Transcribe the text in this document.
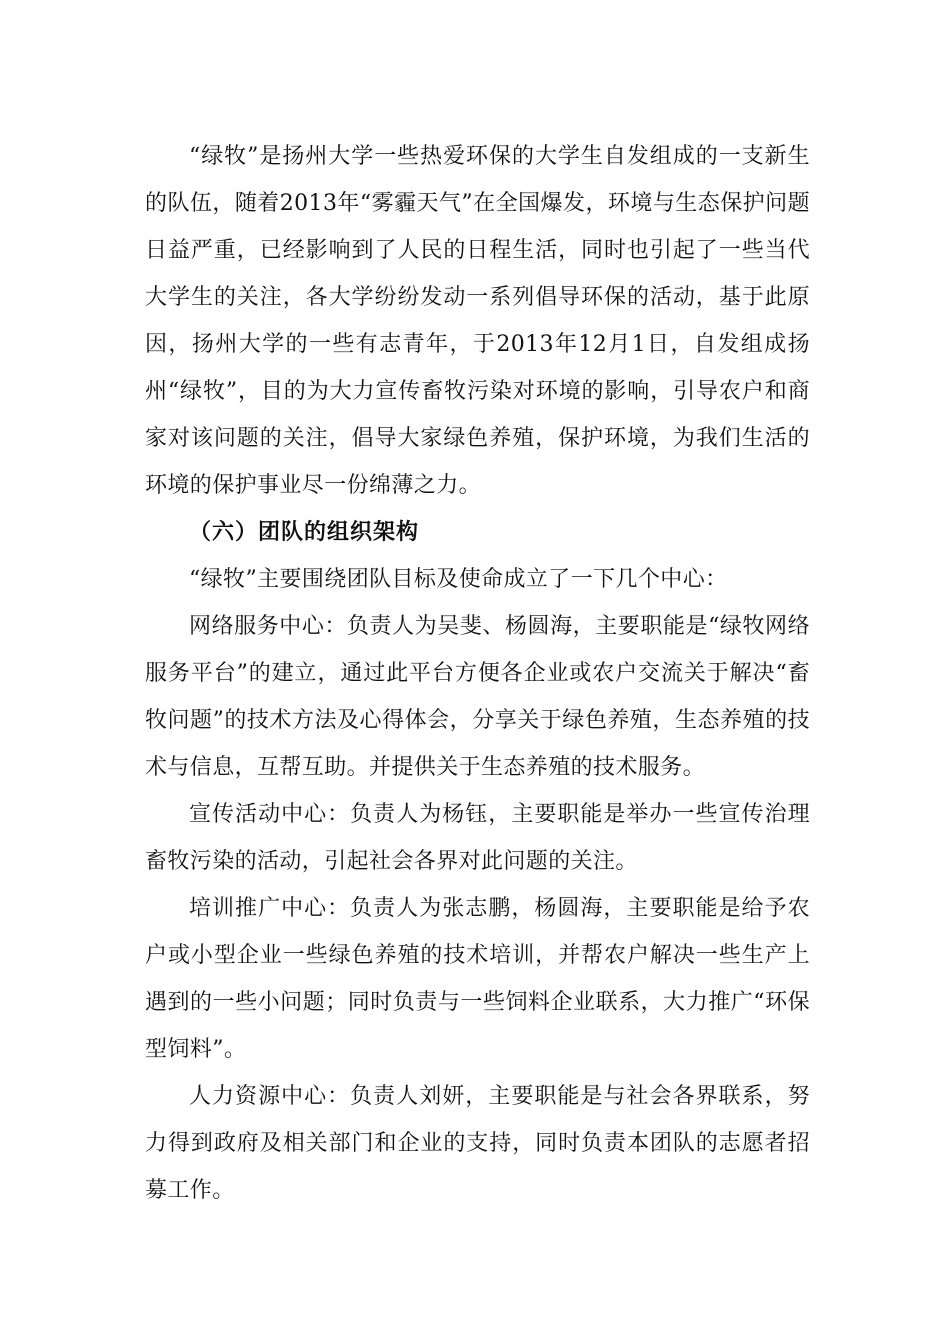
“绿牧”是扬州大学一些热爱环保的大学生自发组成的一支新生的队伍，随着2013年“雾霾天气”在全国爆发，环境与生态保护问题日益严重，已经影响到了人民的日程生活，同时也引起了一些当代大学生的关注，各大学纷纷发动一系列倡导环保的活动，基于此原因，扬州大学的一些有志青年，于2013年12月1日，自发组成扬州“绿牧”，目的为大力宣传畜牧污染对环境的影响，引导农户和商家对该问题的关注，倡导大家绿色养殖，保护环境，为我们生活的环境的保护事业尽一份绵薄之力。

（六）团队的组织架构

“绿牧”主要围绕团队目标及使命成立了一下几个中心：

网络服务中心：负责人为吴斐、杨圆海，主要职能是“绿牧网络服务平台”的建立，通过此平台方便各企业或农户交流关于解决“畜牧问题”的技术方法及心得体会，分享关于绿色养殖，生态养殖的技术与信息，互帮互助。并提供关于生态养殖的技术服务。

宣传活动中心：负责人为杨钰，主要职能是举办一些宣传治理畜牧污染的活动，引起社会各界对此问题的关注。

培训推广中心：负责人为张志鹏，杨圆海，主要职能是给予农户或小型企业一些绿色养殖的技术培训，并帮农户解决一些生产上遇到的一些小问题；同时负责与一些饲料企业联系，大力推广“环保型饲料”。

人力资源中心：负责人刘妍，主要职能是与社会各界联系，努力得到政府及相关部门和企业的支持，同时负责本团队的志愿者招募工作。
